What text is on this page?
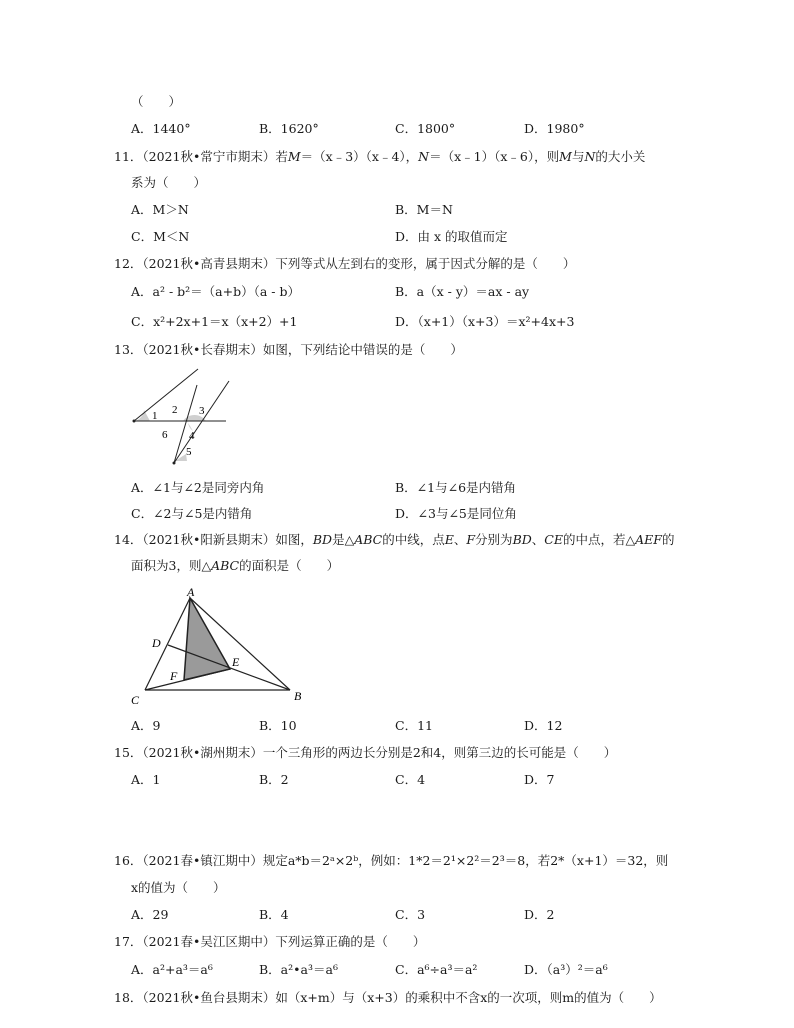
（　　）
A．1440°	B．1620°	C．1800°	D．1980°
11．（2021秋•常宁市期末）若M＝（x﹣3）（x﹣4），N＝（x﹣1）（x﹣6），则M与N的大小关
系为（　　）
A．M＞N	B．M＝N
C．M＜N	D．由 x 的取值而定
12．（2021秋•高青县期末）下列等式从左到右的变形，属于因式分解的是（　　）
A．a² - b²＝（a+b）（a - b）	B．a（x - y）＝ax - ay
C．x²+2x+1＝x（x+2）+1	D．（x+1）（x+3）＝x²+4x+3
13．（2021秋•长春期末）如图，下列结论中错误的是（　　）
1 2 3
4
5
6
A．∠1与∠2是同旁内角	B．∠1与∠6是内错角
C．∠2与∠5是内错角	D．∠3与∠5是同位角
14．（2021秋•阳新县期末）如图，BD是△ABC的中线，点E、F分别为BD、CE的中点，若△AEF的
面积为3，则△ABC的面积是（　　）
A
D
E
F
C	B
A．9	B．10	C．11	D．12
15．（2021秋•湖州期末）一个三角形的两边长分别是2和4，则第三边的长可能是（　　）
A．1	B．2	C．4	D．7
16．（2021春•镇江期中）规定a*b＝2ᵃ×2ᵇ，例如：1*2＝2¹×2²＝2³＝8，若2*（x+1）＝32，则
x的值为（　　）
A．29	B．4	C．3	D．2
17．（2021春•吴江区期中）下列运算正确的是（　　）
A．a²+a³＝a⁶	B．a²•a³＝a⁶	C．a⁶÷a³＝a²	D．（a³）²＝a⁶
18．（2021秋•鱼台县期末）如（x+m）与（x+3）的乘积中不含x的一次项，则m的值为（　　）
